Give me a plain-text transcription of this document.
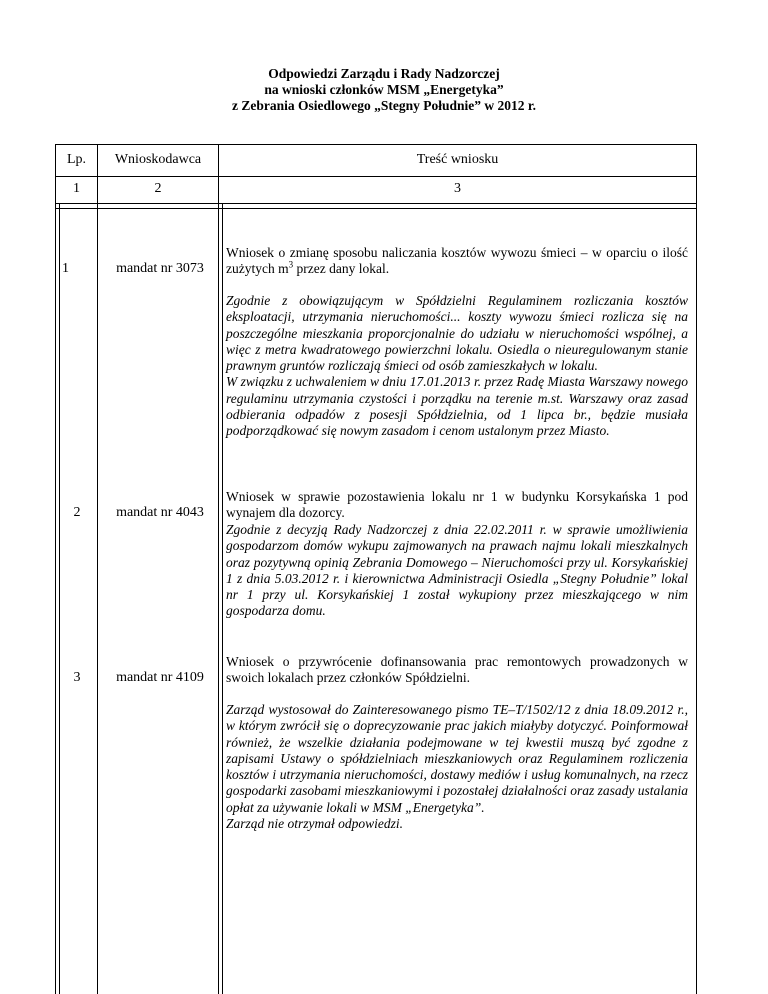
Odpowiedzi Zarządu i Rady Nadzorczej
na wnioski członków MSM „Energetyka”
z Zebrania Osiedlowego „Stegny Południe” w 2012 r.
Lp.	Wnioskodawca	Treść wniosku
1	2	3
1	mandat nr 3073

Wniosek o zmianę sposobu naliczania kosztów wywozu śmieci – w oparciu o ilość zużytych $m^3$ przez dany lokal.

Zgodnie z obowiązującym w Spółdzielni Regulaminem rozliczania kosztów eksploatacji, utrzymania nieruchomości... koszty wywozu śmieci rozlicza się na poszczególne mieszkania proporcjonalnie do udziału w nieruchomości wspólnej, a więc z metra kwadratowego powierzchni lokalu. Osiedla o nieuregulowanym stanie prawnym gruntów rozliczają śmieci od osób zamieszkałych w lokalu.

W związku z uchwaleniem w dniu 17.01.2013 r. przez Radę Miasta Warszawy nowego regulaminu utrzymania czystości i porządku na terenie m.st. Warszawy oraz zasad odbierania odpadów z posesji Spółdzielnia, od 1 lipca br., będzie musiała podporządkować się nowym zasadom i cenom ustalonym przez Miasto.

2	mandat nr 4043
Wniosek w sprawie pozostawienia lokalu nr 1 w budynku Korsykańska 1 pod wynajem dla dozorcy.
Zgodnie z decyzją Rady Nadzorczej z dnia 22.02.2011 r. w sprawie umożliwienia gospodarzom domów wykupu zajmowanych na prawach najmu lokali mieszkalnych oraz pozytywną opinią Zebrania Domowego – Nieruchomości przy ul. Korsykańskiej 1 z dnia 5.03.2012 r. i kierownictwa Administracji Osiedla „Stegny Południe” lokal nr 1 przy ul. Korsykańskiej 1 został wykupiony przez mieszkającego w nim gospodarza domu.
3	mandat nr 4109
Wniosek o przywrócenie dofinansowania prac remontowych prowadzonych w swoich lokalach przez członków Spółdzielni.

Zarząd wystosował do Zainteresowanego pismo TE–T/1502/12 z dnia 18.09.2012 r., w którym zwrócił się o doprecyzowanie prac jakich miałyby dotyczyć. Poinformował również, że wszelkie działania podejmowane w tej kwestii muszą być zgodne z zapisami Ustawy o spółdzielniach mieszkaniowych oraz Regulaminem rozliczenia kosztów i utrzymania nieruchomości, dostawy mediów i usług komunalnych, na rzecz gospodarki zasobami mieszkaniowymi i pozostałej działalności oraz zasady ustalania opłat za używanie lokali w MSM „Energetyka”.

Zarząd nie otrzymał odpowiedzi.
